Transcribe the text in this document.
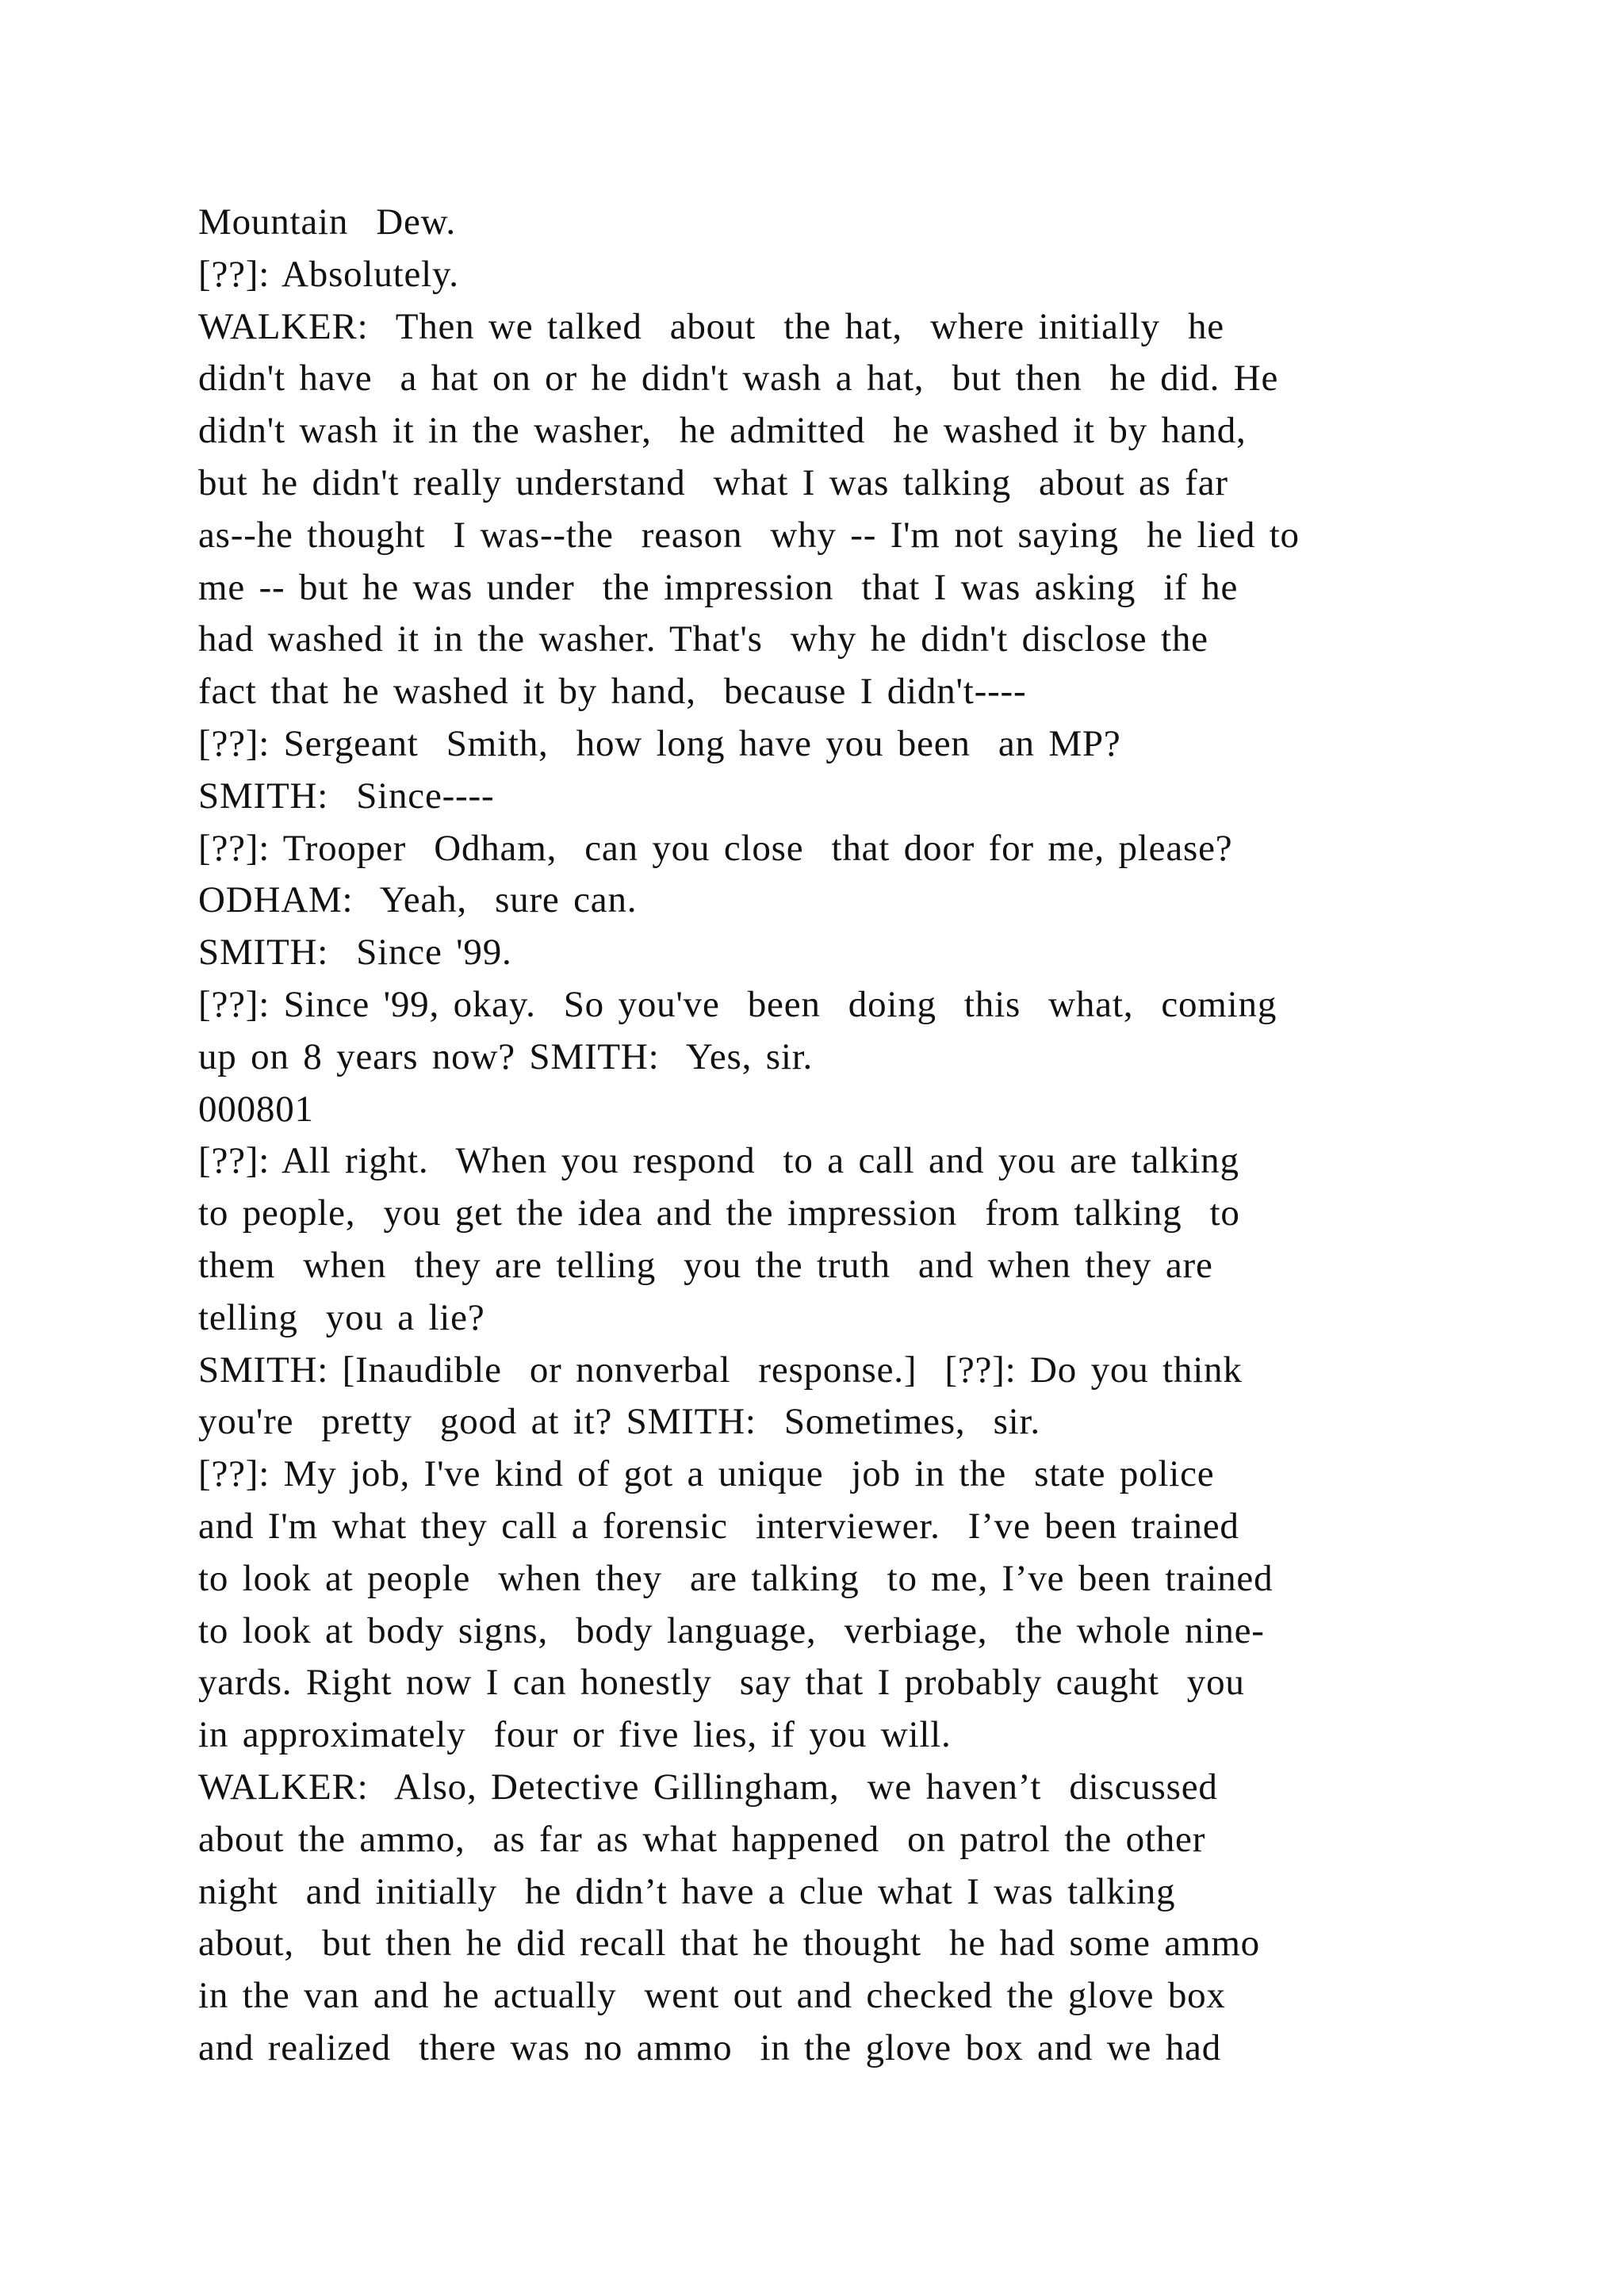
Mountain  Dew.
[??]: Absolutely.
WALKER:  Then we talked  about  the hat,  where initially  he
didn't have  a hat on or he didn't wash a hat,  but then  he did. He
didn't wash it in the washer,  he admitted  he washed it by hand,
but he didn't really understand  what I was talking  about as far
as--he thought  I was--the  reason  why -- I'm not saying  he lied to
me -- but he was under  the impression  that I was asking  if he
had washed it in the washer. That's  why he didn't disclose the
fact that he washed it by hand,  because I didn't----
[??]: Sergeant  Smith,  how long have you been  an MP?
SMITH:  Since----
[??]: Trooper  Odham,  can you close  that door for me, please?
ODHAM:  Yeah,  sure can.
SMITH:  Since '99.
[??]: Since '99, okay.  So you've  been  doing  this  what,  coming
up on 8 years now? SMITH:  Yes, sir.
000801
[??]: All right.  When you respond  to a call and you are talking
to people,  you get the idea and the impression  from talking  to
them  when  they are telling  you the truth  and when they are
telling  you a lie?
SMITH: [Inaudible  or nonverbal  response.]  [??]: Do you think
you're  pretty  good at it? SMITH:  Sometimes,  sir.
[??]: My job, I've kind of got a unique  job in the  state police
and I'm what they call a forensic  interviewer.  I’ve been trained
to look at people  when they  are talking  to me, I’ve been trained
to look at body signs,  body language,  verbiage,  the whole nine-
yards. Right now I can honestly  say that I probably caught  you
in approximately  four or five lies, if you will.
WALKER:  Also, Detective Gillingham,  we haven’t  discussed
about the ammo,  as far as what happened  on patrol the other
night  and initially  he didn’t have a clue what I was talking
about,  but then he did recall that he thought  he had some ammo
in the van and he actually  went out and checked the glove box
and realized  there was no ammo  in the glove box and we had
